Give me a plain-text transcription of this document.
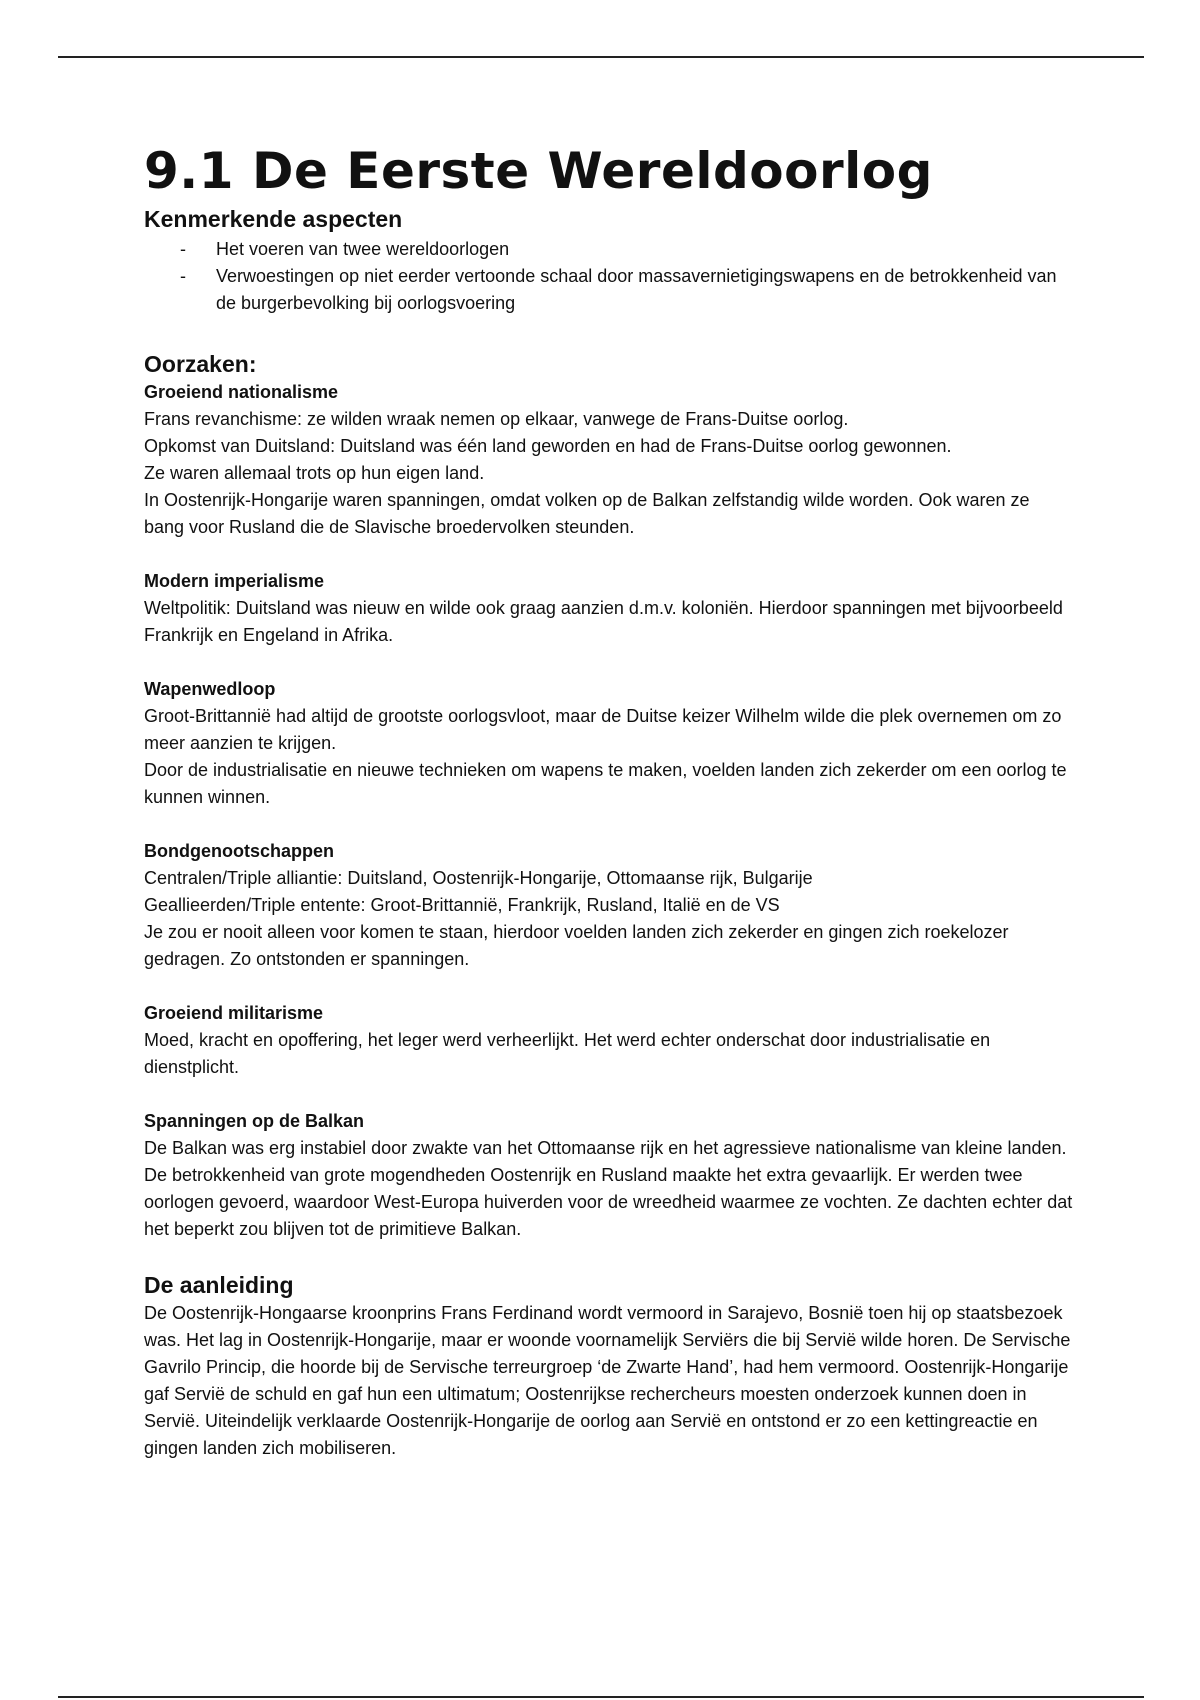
9.1 De Eerste Wereldoorlog
Kenmerkende aspecten
- Het voeren van twee wereldoorlogen
- Verwoestingen op niet eerder vertoonde schaal door massavernietigingswapens en de betrokkenheid van de burgerbevolking bij oorlogsvoering
Oorzaken:
Groeiend nationalisme

Frans revanchisme: ze wilden wraak nemen op elkaar, vanwege de Frans-Duitse oorlog.

Opkomst van Duitsland: Duitsland was één land geworden en had de Frans-Duitse oorlog gewonnen.

Ze waren allemaal trots op hun eigen land.

In Oostenrijk-Hongarije waren spanningen, omdat volken op de Balkan zelfstandig wilde worden. Ook waren ze bang voor Rusland die de Slavische broedervolken steunden.

Modern imperialisme

Weltpolitik: Duitsland was nieuw en wilde ook graag aanzien d.m.v. koloniën. Hierdoor spanningen met bijvoorbeeld Frankrijk en Engeland in Afrika.

Wapenwedloop

Groot-Brittannië had altijd de grootste oorlogsvloot, maar de Duitse keizer Wilhelm wilde die plek overnemen om zo meer aanzien te krijgen.

Door de industrialisatie en nieuwe technieken om wapens te maken, voelden landen zich zekerder om een oorlog te kunnen winnen.

Bondgenootschappen

Centralen/Triple alliantie: Duitsland, Oostenrijk-Hongarije, Ottomaanse rijk, Bulgarije

Geallieerden/Triple entente: Groot-Brittannië, Frankrijk, Rusland, Italië en de VS

Je zou er nooit alleen voor komen te staan, hierdoor voelden landen zich zekerder en gingen zich roekelozer gedragen. Zo ontstonden er spanningen.

Groeiend militarisme

Moed, kracht en opoffering, het leger werd verheerlijkt. Het werd echter onderschat door industrialisatie en dienstplicht.

Spanningen op de Balkan

De Balkan was erg instabiel door zwakte van het Ottomaanse rijk en het agressieve nationalisme van kleine landen. De betrokkenheid van grote mogendheden Oostenrijk en Rusland maakte het extra gevaarlijk. Er werden twee oorlogen gevoerd, waardoor West-Europa huiverden voor de wreedheid waarmee ze vochten. Ze dachten echter dat het beperkt zou blijven tot de primitieve Balkan.

De aanleiding

De Oostenrijk-Hongaarse kroonprins Frans Ferdinand wordt vermoord in Sarajevo, Bosnië toen hij op staatsbezoek was. Het lag in Oostenrijk-Hongarije, maar er woonde voornamelijk Serviërs die bij Servië wilde horen. De Servische Gavrilo Princip, die hoorde bij de Servische terreurgroep ‘de Zwarte Hand’, had hem vermoord. Oostenrijk-Hongarije gaf Servië de schuld en gaf hun een ultimatum; Oostenrijkse rechercheurs moesten onderzoek kunnen doen in Servië. Uiteindelijk verklaarde Oostenrijk-Hongarije de oorlog aan Servië en ontstond er zo een kettingreactie en gingen landen zich mobiliseren.
